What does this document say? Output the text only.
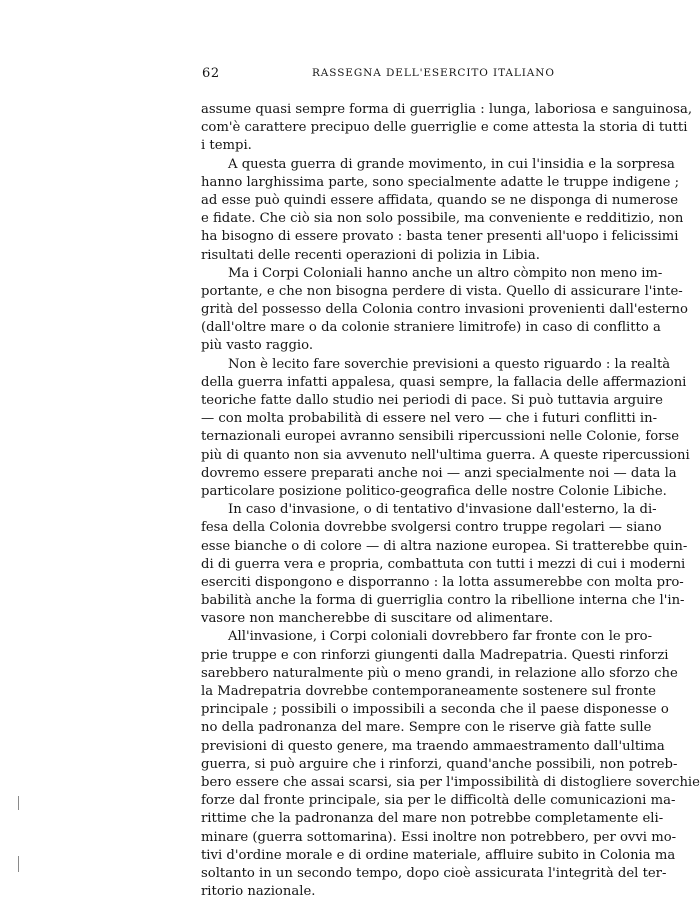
62	RASSEGNA DELL'ESERCITO ITALIANO
assume quasi sempre forma di guerriglia : lunga, laboriosa e sanguinosa,
com'è carattere precipuo delle guerriglie e come attesta la storia di tutti
i tempi.
A questa guerra di grande movimento, in cui l'insidia e la sorpresa
hanno larghissima parte, sono specialmente adatte le truppe indigene ;
ad esse può quindi essere affidata, quando se ne disponga di numerose
e fidate. Che ciò sia non solo possibile, ma conveniente e redditizio, non
ha bisogno di essere provato : basta tener presenti all'uopo i felicissimi
risultati delle recenti operazioni di polizia in Libia.
Ma i Corpi Coloniali hanno anche un altro còmpito non meno im-
portante, e che non bisogna perdere di vista. Quello di assicurare l'inte-
grità del possesso della Colonia contro invasioni provenienti dall'esterno
(dall'oltre mare o da colonie straniere limitrofe) in caso di conflitto a
più vasto raggio.
Non è lecito fare soverchie previsioni a questo riguardo : la realtà
della guerra infatti appalesa, quasi sempre, la fallacia delle affermazioni
teoriche fatte dallo studio nei periodi di pace. Si può tuttavia arguire
— con molta probabilità di essere nel vero — che i futuri conflitti in-
ternazionali europei avranno sensibili ripercussioni nelle Colonie, forse
più di quanto non sia avvenuto nell'ultima guerra. A queste ripercussioni
dovremo essere preparati anche noi — anzi specialmente noi — data la
particolare posizione politico-geografica delle nostre Colonie Libiche.
In caso d'invasione, o di tentativo d'invasione dall'esterno, la di-
fesa della Colonia dovrebbe svolgersi contro truppe regolari — siano
esse bianche o di colore — di altra nazione europea. Si tratterebbe quin-
di di guerra vera e propria, combattuta con tutti i mezzi di cui i moderni
eserciti dispongono e disporranno : la lotta assumerebbe con molta pro-
babilità anche la forma di guerriglia contro la ribellione interna che l'in-
vasore non mancherebbe di suscitare od alimentare.
All'invasione, i Corpi coloniali dovrebbero far fronte con le pro-
prie truppe e con rinforzi giungenti dalla Madrepatria. Questi rinforzi
sarebbero naturalmente più o meno grandi, in relazione allo sforzo che
la Madrepatria dovrebbe contemporaneamente sostenere sul fronte
principale ; possibili o impossibili a seconda che il paese disponesse o
no della padronanza del mare. Sempre con le riserve già fatte sulle
previsioni di questo genere, ma traendo ammaestramento dall'ultima
guerra, si può arguire che i rinforzi, quand'anche possibili, non potreb-
bero essere che assai scarsi, sia per l'impossibilità di distogliere soverchie
forze dal fronte principale, sia per le difficoltà delle comunicazioni ma-
rittime che la padronanza del mare non potrebbe completamente eli-
minare (guerra sottomarina). Essi inoltre non potrebbero, per ovvi mo-
tivi d'ordine morale e di ordine materiale, affluire subito in Colonia ma
soltanto in un secondo tempo, dopo cioè assicurata l'integrità del ter-
ritorio nazionale.
